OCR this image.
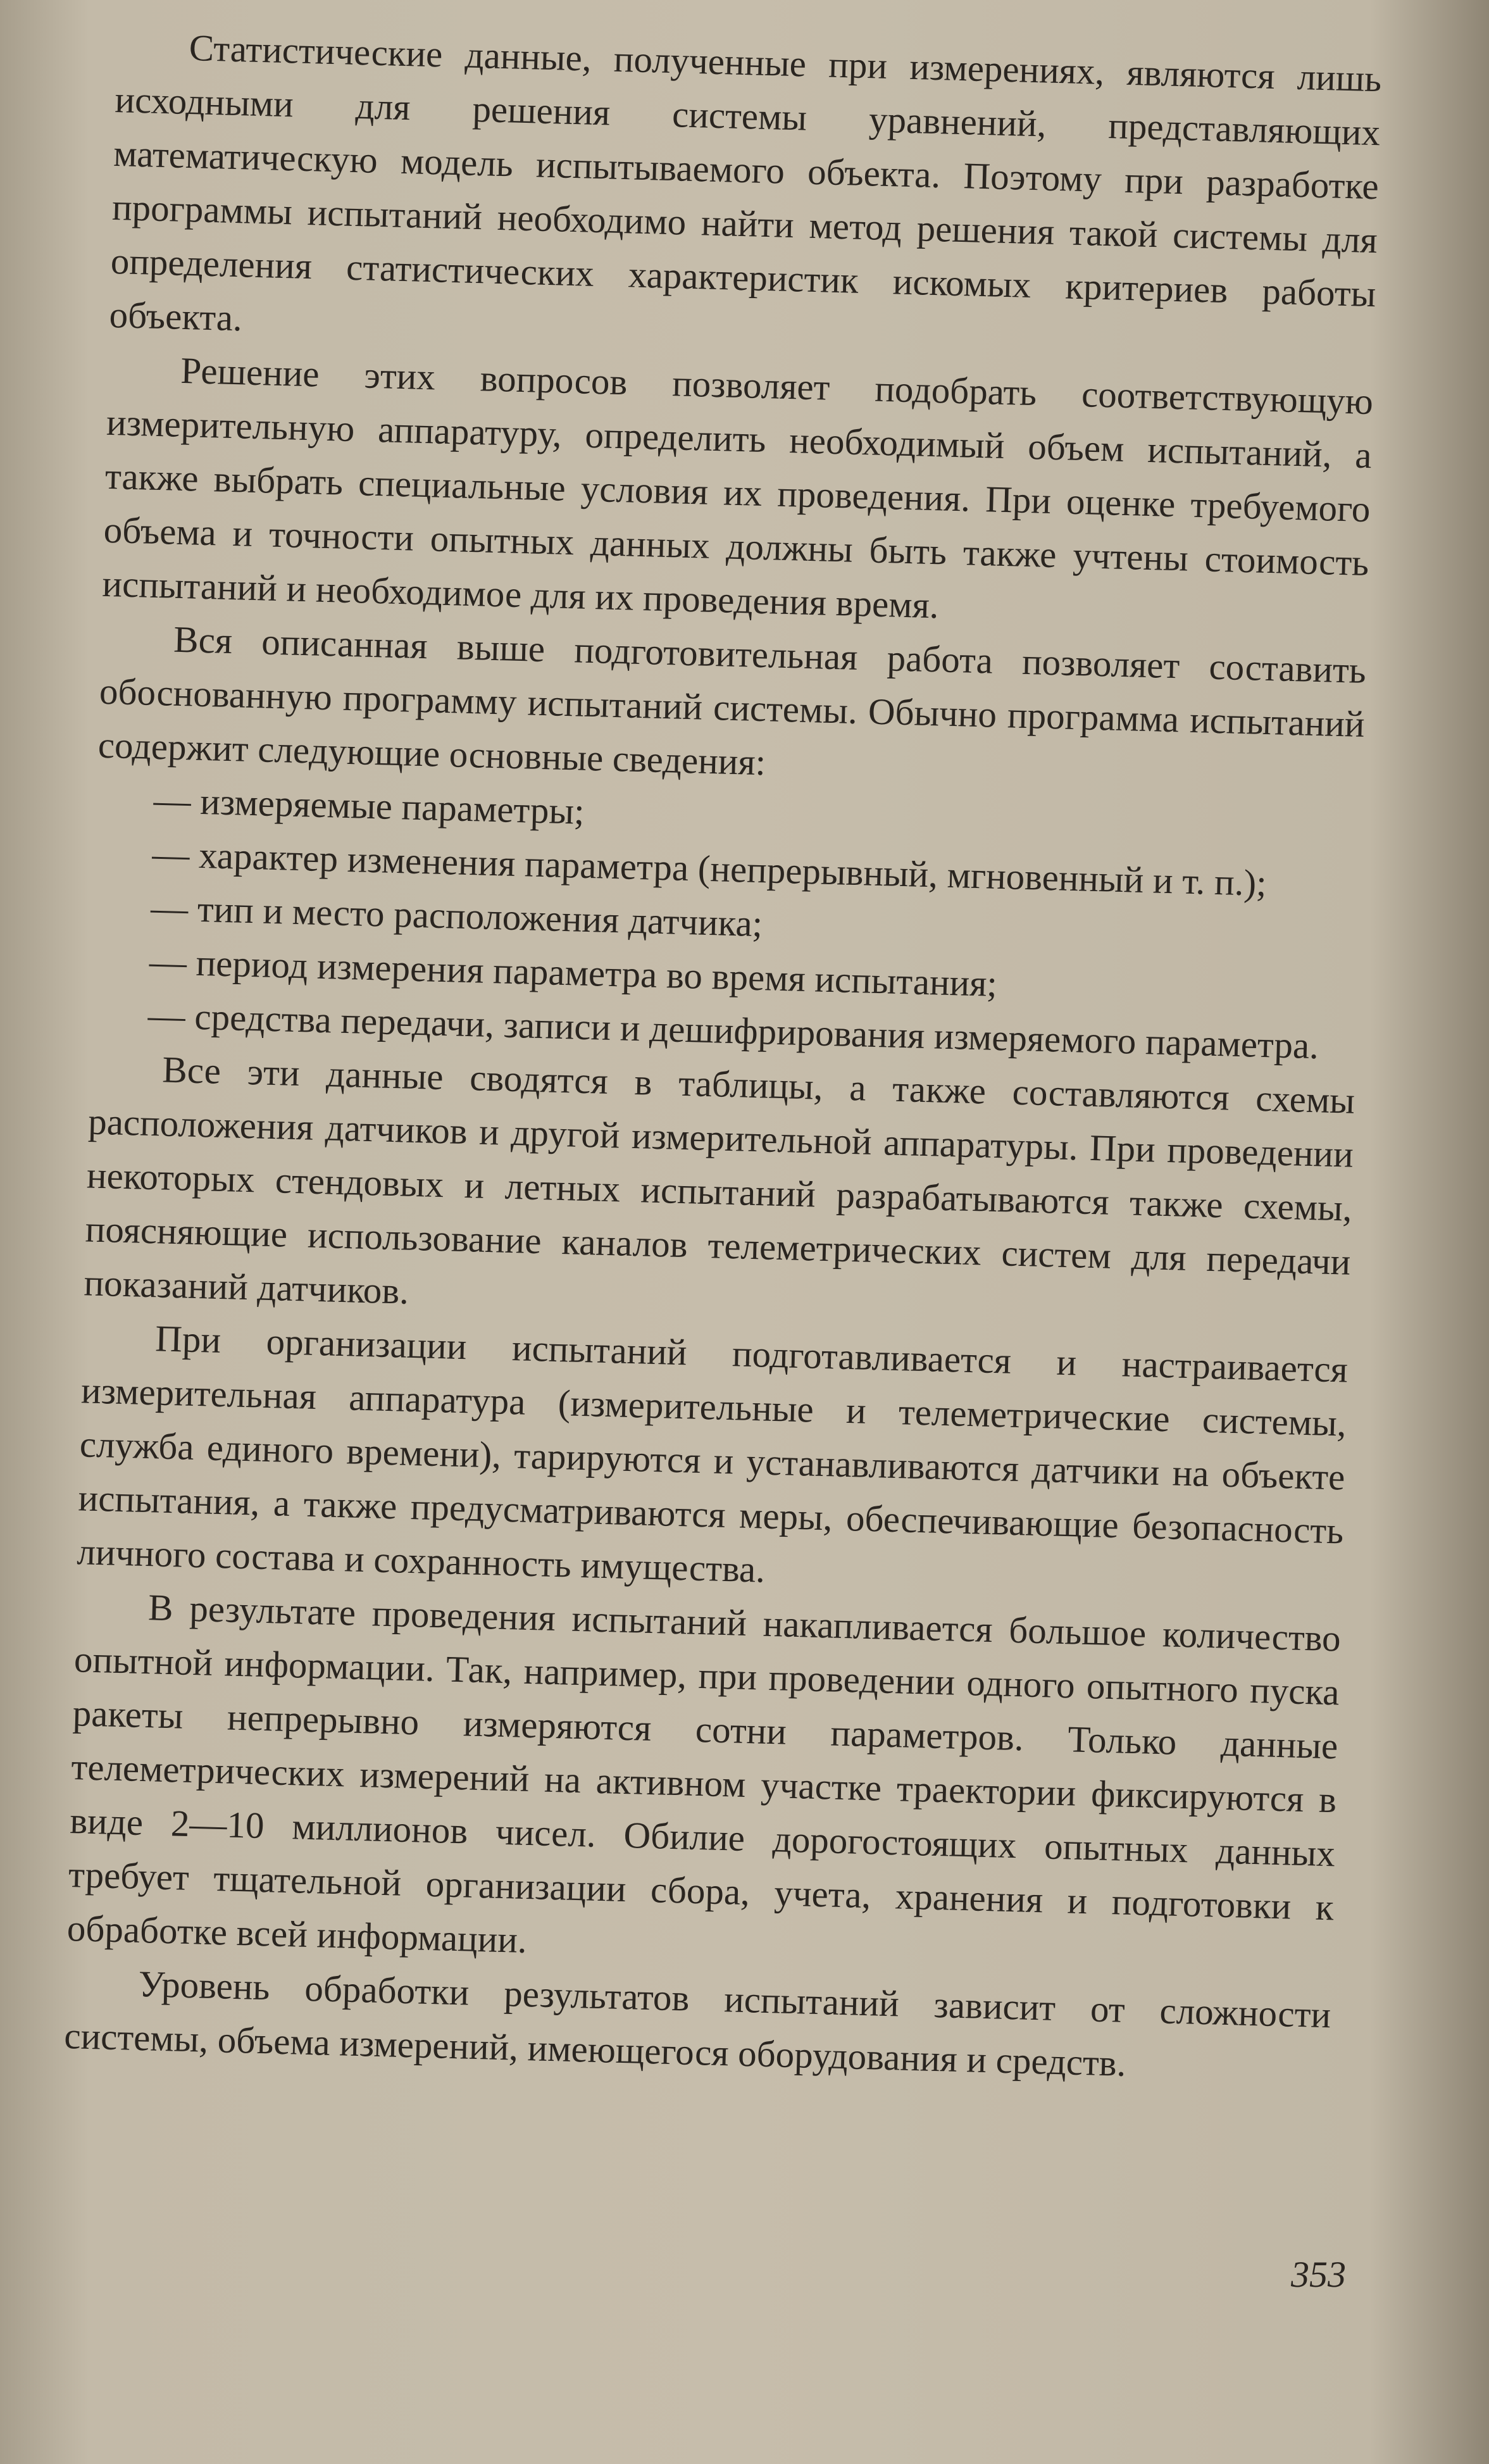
Статистические данные, полученные при измерениях, являются лишь исходными для решения системы уравнений, представляющих математическую модель испытываемого объекта. Поэтому при разработке программы испытаний необходимо найти метод решения такой системы для определения статистических характеристик искомых критериев работы объекта.

Решение этих вопросов позволяет подобрать соответствующую измерительную аппаратуру, определить необходимый объем испытаний, а также выбрать специальные условия их проведения. При оценке требуемого объема и точности опытных данных должны быть также учтены стоимость испытаний и необходимое для их проведения время.

Вся описанная выше подготовительная работа позволяет составить обоснованную программу испытаний системы. Обычно программа испытаний содержит следующие основные сведения:

— измеряемые параметры;
— характер изменения параметра (непрерывный, мгновенный и т. п.);
— тип и место расположения датчика;
— период измерения параметра во время испытания;
— средства передачи, записи и дешифрирования измеряемого параметра.

Все эти данные сводятся в таблицы, а также составляются схемы расположения датчиков и другой измерительной аппаратуры. При проведении некоторых стендовых и летных испытаний разрабатываются также схемы, поясняющие использование каналов телеметрических систем для передачи показаний датчиков.

При организации испытаний подготавливается и настраивается измерительная аппаратура (измерительные и телеметрические системы, служба единого времени), тарируются и устанавливаются датчики на объекте испытания, а также предусматриваются меры, обеспечивающие безопасность личного состава и сохранность имущества.

В результате проведения испытаний накапливается большое количество опытной информации. Так, например, при проведении одного опытного пуска ракеты непрерывно измеряются сотни параметров. Только данные телеметрических измерений на активном участке траектории фиксируются в виде 2—10 миллионов чисел. Обилие дорогостоящих опытных данных требует тщательной организации сбора, учета, хранения и подготовки к обработке всей информации.

Уровень обработки результатов испытаний зависит от сложности системы, объема измерений, имеющегося оборудования и средств.

353
